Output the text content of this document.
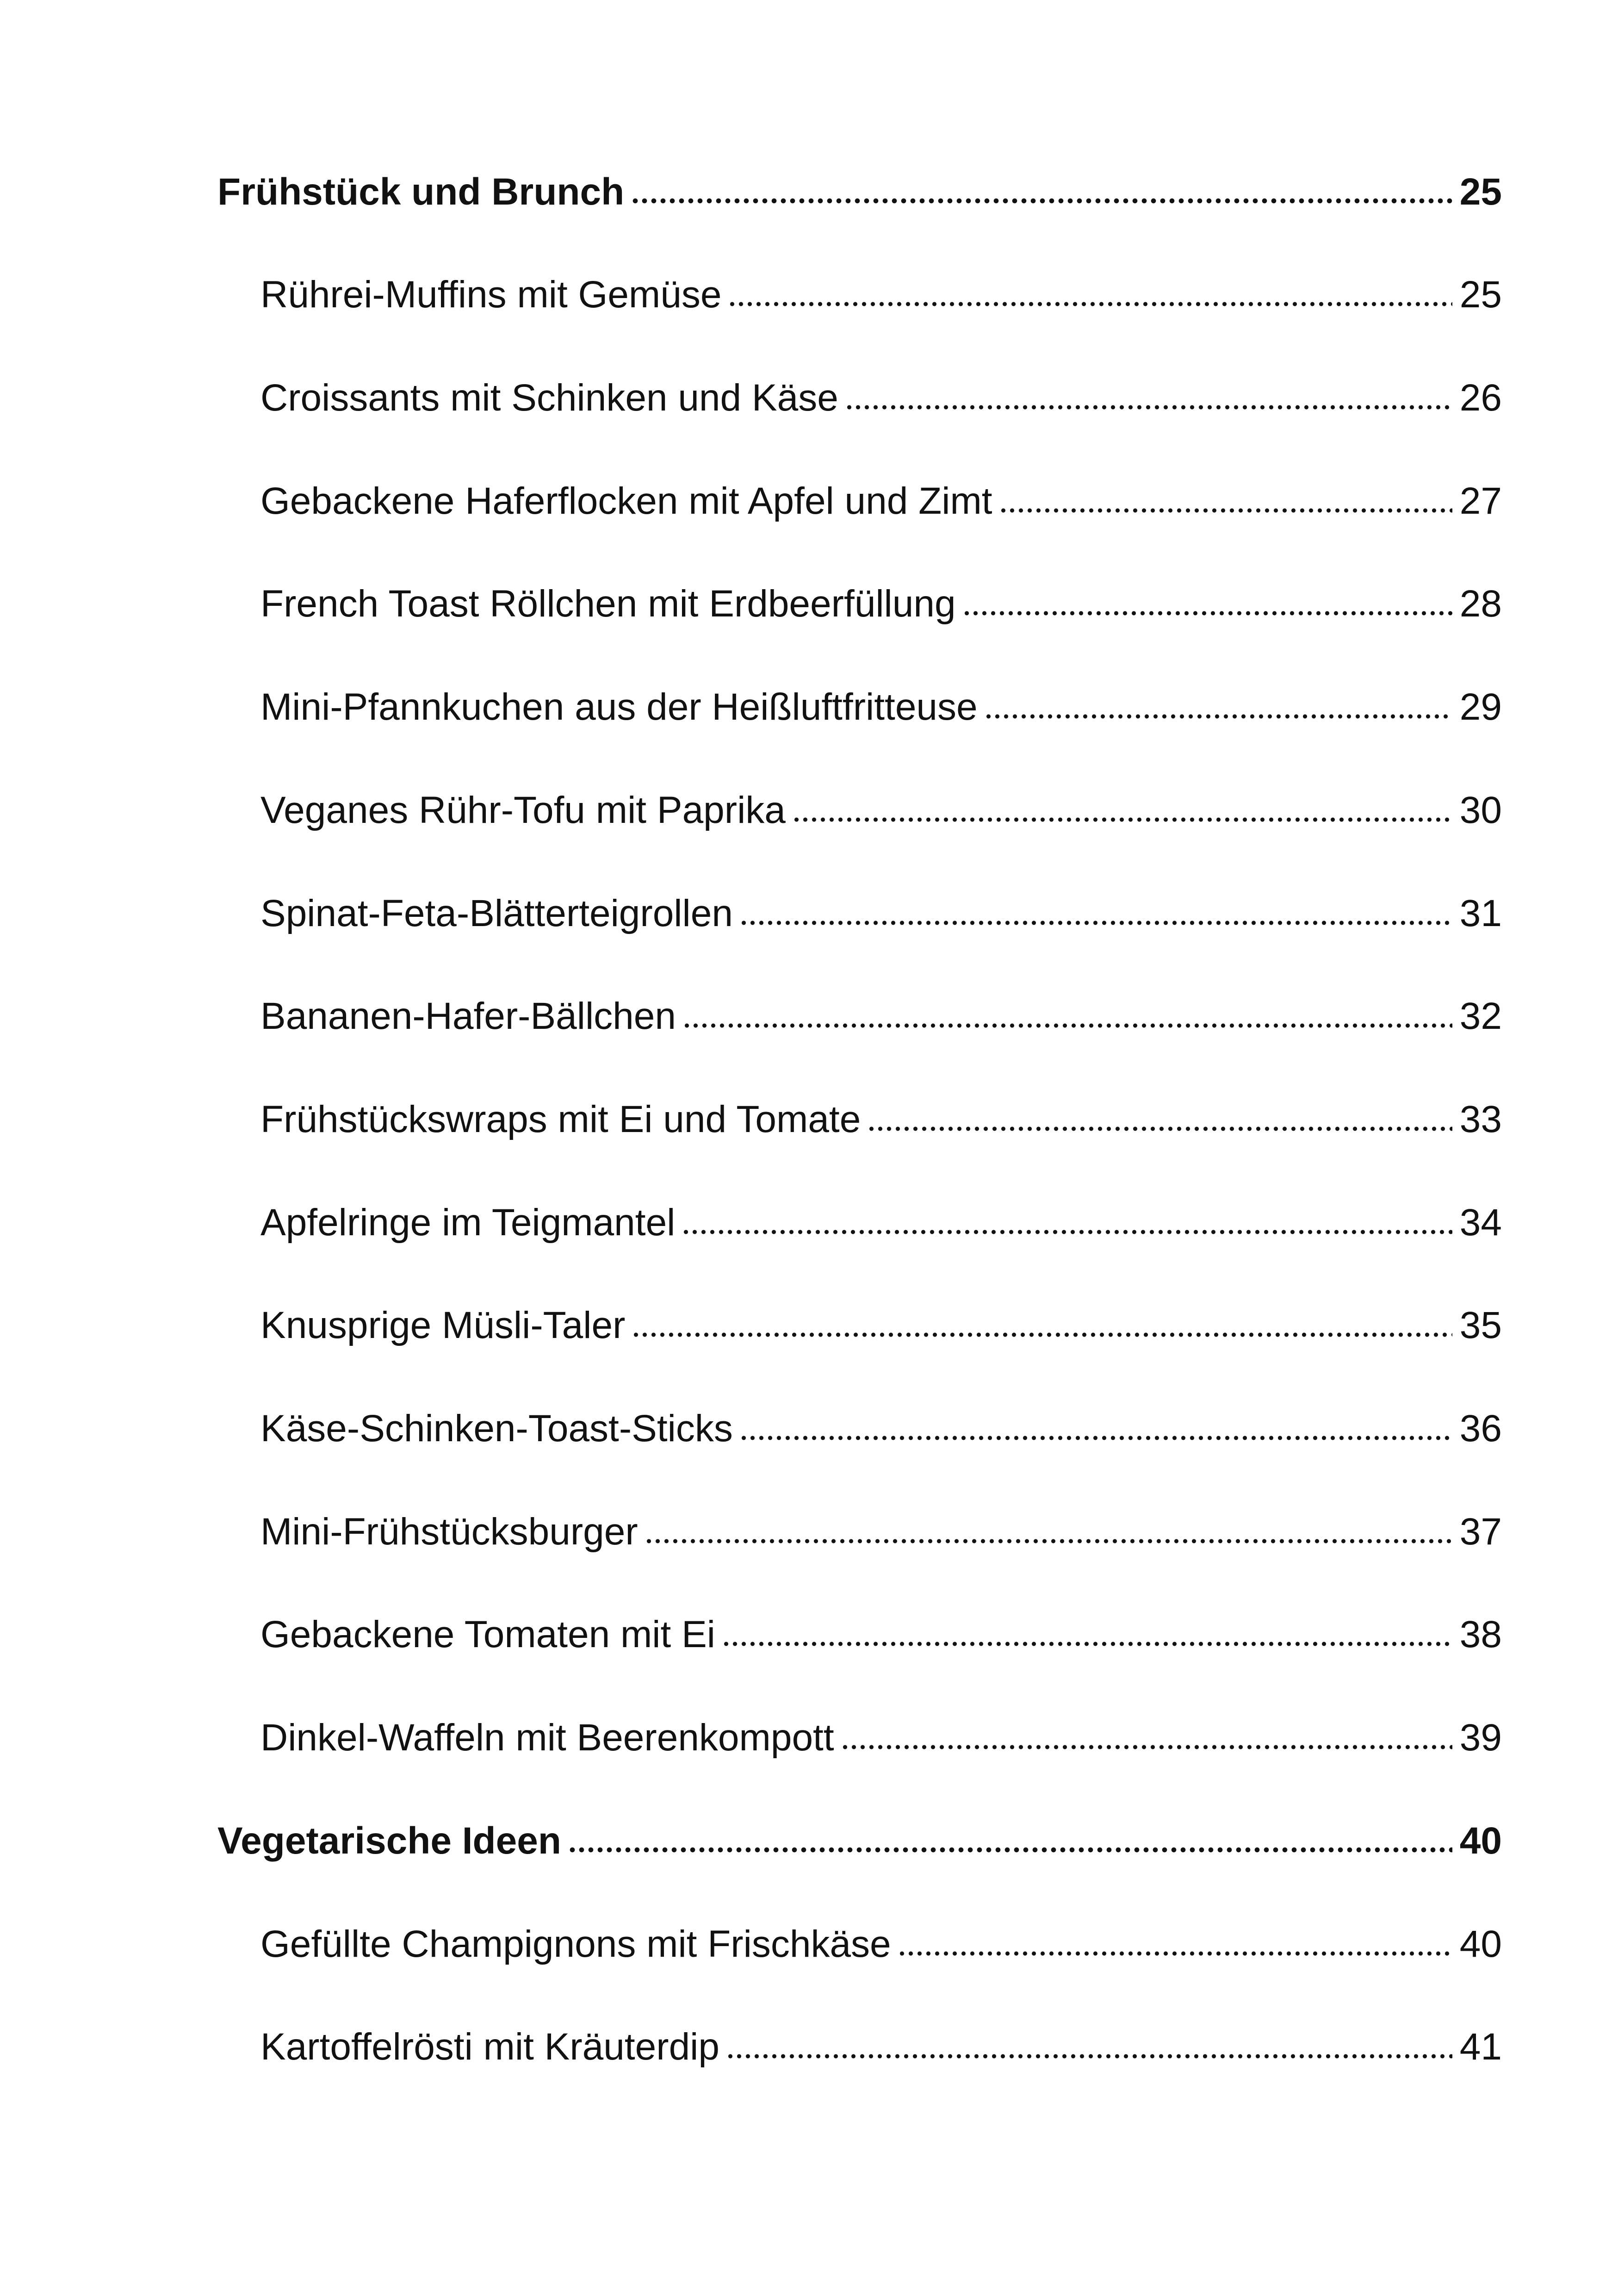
Frühstück und Brunch	25
Rührei-Muffins mit Gemüse	25
Croissants mit Schinken und Käse	26
Gebackene Haferflocken mit Apfel und Zimt	27
French Toast Röllchen mit Erdbeerfüllung	28
Mini-Pfannkuchen aus der Heißluftfritteuse	29
Veganes Rühr-Tofu mit Paprika	30
Spinat-Feta-Blätterteigrollen	31
Bananen-Hafer-Bällchen	32
Frühstückswraps mit Ei und Tomate	33
Apfelringe im Teigmantel	34
Knusprige Müsli-Taler	35
Käse-Schinken-Toast-Sticks	36
Mini-Frühstücksburger	37
Gebackene Tomaten mit Ei	38
Dinkel-Waffeln mit Beerenkompott	39
Vegetarische Ideen	40
Gefüllte Champignons mit Frischkäse	40
Kartoffelrösti mit Kräuterdip	41
